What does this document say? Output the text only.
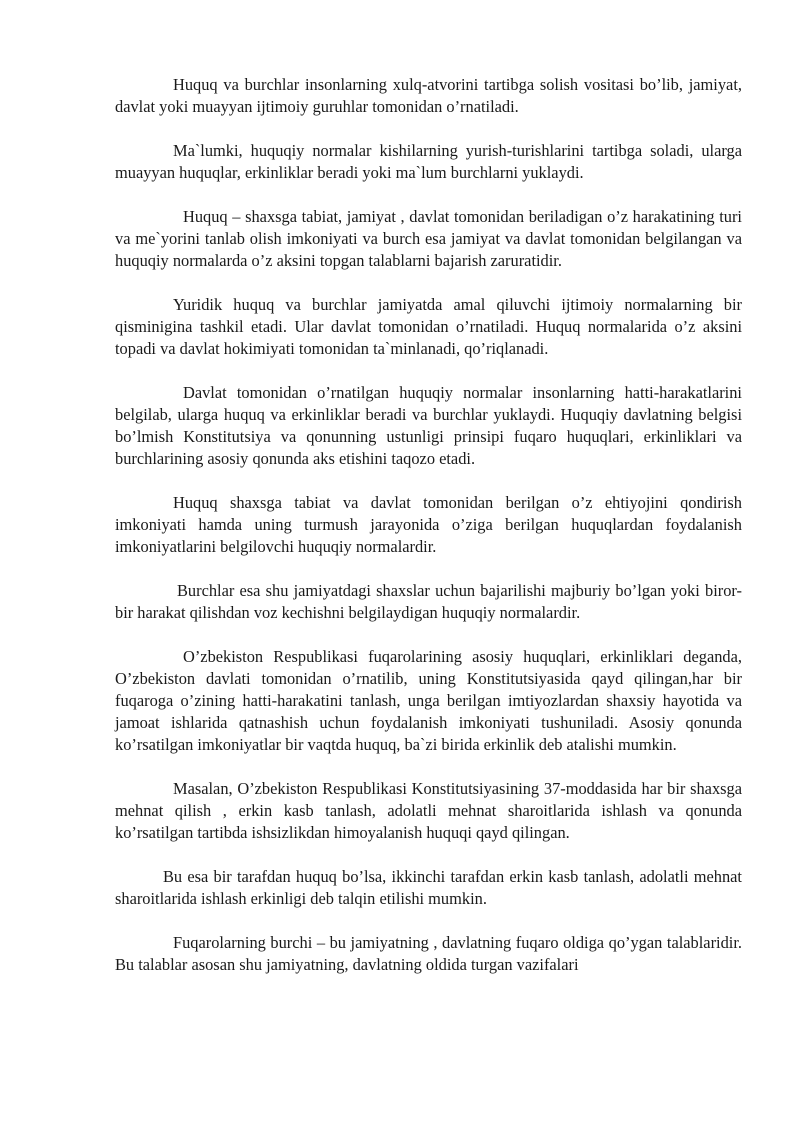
Huquq va burchlar insonlarning xulq-atvorini tartibga solish vositasi bo’lib, jamiyat, davlat yoki muayyan ijtimoiy guruhlar tomonidan o’rnatiladi.

Ma`lumki, huquqiy normalar kishilarning yurish-turishlarini tartibga soladi, ularga muayyan huquqlar, erkinliklar beradi yoki ma`lum burchlarni yuklaydi.

Huquq – shaxsga tabiat, jamiyat , davlat tomonidan beriladigan o’z harakatining turi va me`yorini tanlab olish imkoniyati va burch esa jamiyat va davlat tomonidan belgilangan va huquqiy normalarda o’z aksini topgan talablarni bajarish zaruratidir.

Yuridik huquq va burchlar jamiyatda amal qiluvchi ijtimoiy normalarning bir qisminigina tashkil etadi. Ular davlat tomonidan o’rnatiladi. Huquq normalarida o’z aksini topadi va davlat hokimiyati tomonidan ta`minlanadi, qo’riqlanadi.

Davlat tomonidan o’rnatilgan huquqiy normalar insonlarning hatti-harakatlarini belgilab, ularga huquq va erkinliklar beradi va burchlar yuklaydi. Huquqiy davlatning belgisi bo’lmish Konstitutsiya va qonunning ustunligi prinsipi fuqaro huquqlari, erkinliklari va burchlarining asosiy qonunda aks etishini taqozo etadi.

Huquq shaxsga tabiat va davlat tomonidan berilgan o’z ehtiyojini qondirish imkoniyati hamda uning turmush jarayonida o’ziga berilgan huquqlardan foydalanish imkoniyatlarini belgilovchi huquqiy normalardir.

Burchlar esa shu jamiyatdagi shaxslar uchun bajarilishi majburiy bo’lgan yoki biror-bir harakat qilishdan voz kechishni belgilaydigan huquqiy normalardir.

O’zbekiston Respublikasi fuqarolarining asosiy huquqlari, erkinliklari deganda, O’zbekiston davlati tomonidan o’rnatilib, uning Konstitutsiyasida qayd qilingan,har bir fuqaroga o’zining hatti-harakatini tanlash, unga berilgan imtiyozlardan shaxsiy hayotida va jamoat ishlarida qatnashish uchun foydalanish imkoniyati tushuniladi. Asosiy qonunda ko’rsatilgan imkoniyatlar bir vaqtda huquq, ba`zi birida erkinlik deb atalishi mumkin.

Masalan, O’zbekiston Respublikasi Konstitutsiyasining 37-moddasida har bir shaxsga mehnat qilish , erkin kasb tanlash, adolatli mehnat sharoitlarida ishlash va qonunda ko’rsatilgan tartibda ishsizlikdan himoyalanish huquqi qayd qilingan.

Bu esa bir tarafdan huquq bo’lsa, ikkinchi tarafdan erkin kasb tanlash, adolatli mehnat sharoitlarida ishlash erkinligi deb talqin etilishi mumkin.

Fuqarolarning burchi – bu jamiyatning , davlatning fuqaro oldiga qo’ygan talablaridir. Bu talablar asosan shu jamiyatning, davlatning oldida turgan vazifalari
